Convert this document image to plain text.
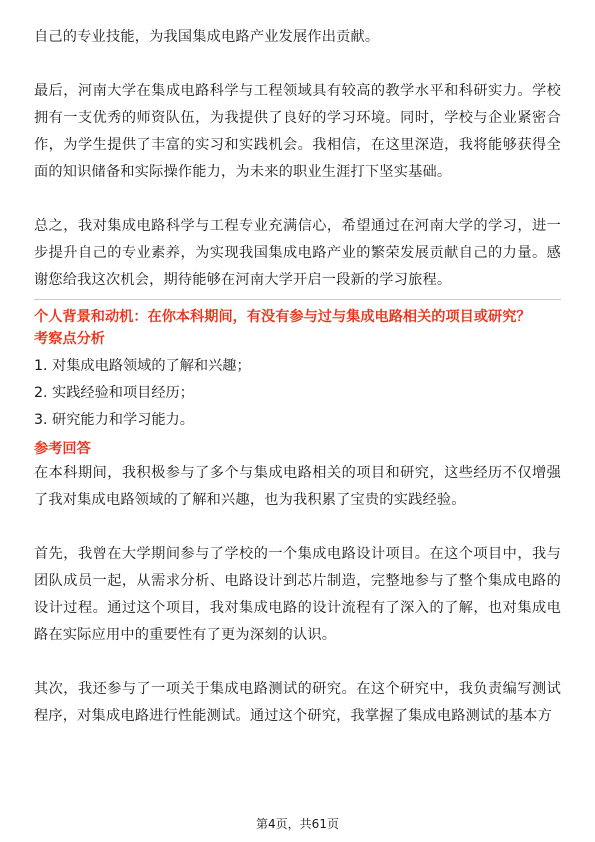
自己的专业技能，为我国集成电路产业发展作出贡献。

最后，河南大学在集成电路科学与工程领域具有较高的教学水平和科研实力。学校拥有一支优秀的师资队伍，为我提供了良好的学习环境。同时，学校与企业紧密合作，为学生提供了丰富的实习和实践机会。我相信，在这里深造，我将能够获得全面的知识储备和实际操作能力，为未来的职业生涯打下坚实基础。

总之，我对集成电路科学与工程专业充满信心，希望通过在河南大学的学习，进一步提升自己的专业素养，为实现我国集成电路产业的繁荣发展贡献自己的力量。感谢您给我这次机会，期待能够在河南大学开启一段新的学习旅程。

个人背景和动机：在你本科期间，有没有参与过与集成电路相关的项目或研究？

考察点分析

1. 对集成电路领域的了解和兴趣；
2. 实践经验和项目经历；
3. 研究能力和学习能力。

参考回答

在本科期间，我积极参与了多个与集成电路相关的项目和研究，这些经历不仅增强了我对集成电路领域的了解和兴趣，也为我积累了宝贵的实践经验。

首先，我曾在大学期间参与了学校的一个集成电路设计项目。在这个项目中，我与团队成员一起，从需求分析、电路设计到芯片制造，完整地参与了整个集成电路的设计过程。通过这个项目，我对集成电路的设计流程有了深入的了解，也对集成电路在实际应用中的重要性有了更为深刻的认识。

其次，我还参与了一项关于集成电路测试的研究。在这个研究中，我负责编写测试程序，对集成电路进行性能测试。通过这个研究，我掌握了集成电路测试的基本方

第4页，共61页
